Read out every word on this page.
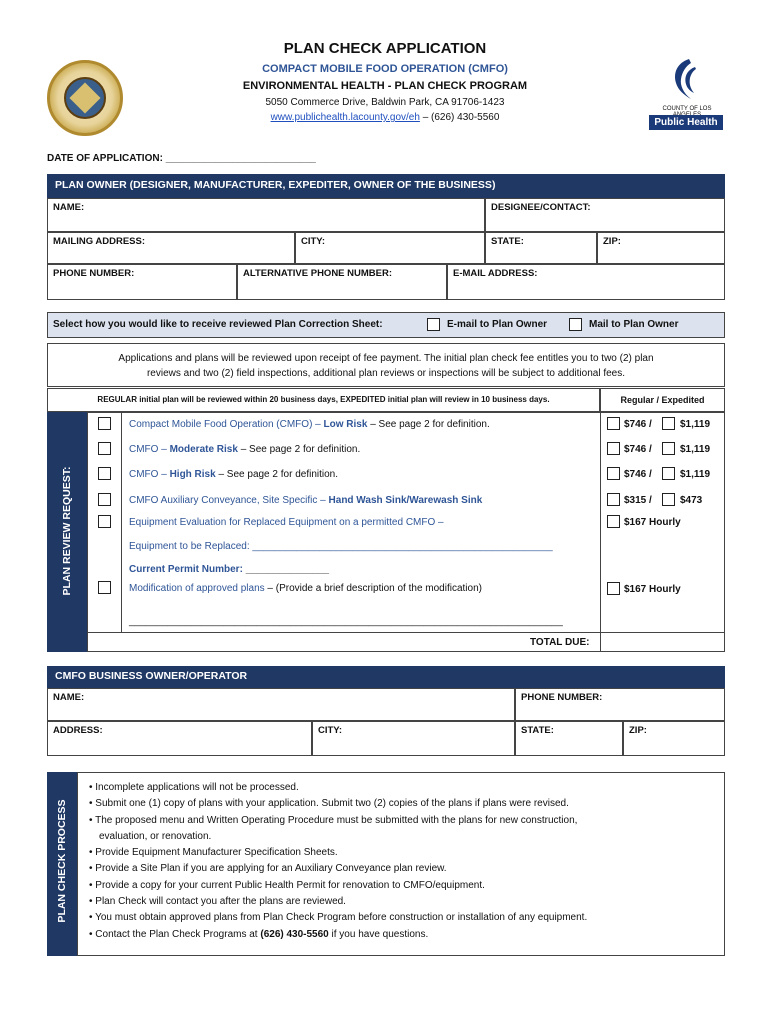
PLAN CHECK APPLICATION
COMPACT MOBILE FOOD OPERATION (CMFO)
ENVIRONMENTAL HEALTH - PLAN CHECK PROGRAM
5050 Commerce Drive, Baldwin Park, CA 91706-1423
www.publichealth.lacounty.gov/eh – (626) 430-5560
COUNTY OF LOS
Public Health
DATE OF APPLICATION: ___________________________
PLAN OWNER (DESIGNER, MANUFACTURER, EXPEDITER, OWNER OF THE BUSINESS)
NAME:	DESIGNEE/CONTACT:
MAILING ADDRESS:	CITY:	STATE:	ZIP:
PHONE NUMBER:	ALTERNATIVE PHONE NUMBER:	E-MAIL ADDRESS:
Select how you would like to receive reviewed Plan Correction Sheet:	E-mail to Plan Owner	Mail to Plan Owner
Applications and plans will be reviewed upon receipt of fee payment. The initial plan check fee entitles you to two (2) plan
reviews and two (2) field inspections, additional plan reviews or inspections will be subject to additional fees.
REGULAR initial plan will be reviewed within 20 business days, EXPEDITED initial plan will review in 10 business days.	Regular / Expedited
PLAN REVIEW REQUEST:
Compact Mobile Food Operation (CMFO) – Low Risk – See page 2 for definition.	$746 /	$1,119
CMFO – Moderate Risk – See page 2 for definition.	$746 /	$1,119
CMFO – High Risk – See page 2 for definition.	$746 /	$1,119
CMFO Auxiliary Conveyance, Site Specific – Hand Wash Sink/Warewash Sink	$315 /	$473
Equipment Evaluation for Replaced Equipment on a permitted CMFO –	$167 Hourly
Equipment to be Replaced: ______________________________________________________
Current Permit Number: _______________
Modification of approved plans – (Provide a brief description of the modification)	$167 Hourly
______________________________________________________________________________
TOTAL DUE:
CMFO BUSINESS OWNER/OPERATOR
NAME:	PHONE NUMBER:
ADDRESS:	CITY:	STATE:	ZIP:
PLAN CHECK PROCESS
• Incomplete applications will not be processed.
• Submit one (1) copy of plans with your application. Submit two (2) copies of the plans if plans were revised.
• The proposed menu and Written Operating Procedure must be submitted with the plans for new construction,
evaluation, or renovation.
• Provide Equipment Manufacturer Specification Sheets.
• Provide a Site Plan if you are applying for an Auxiliary Conveyance plan review.
• Provide a copy for your current Public Health Permit for renovation to CMFO/equipment.
• Plan Check will contact you after the plans are reviewed.
• You must obtain approved plans from Plan Check Program before construction or installation of any equipment.
• Contact the Plan Check Programs at (626) 430-5560 if you have questions.
